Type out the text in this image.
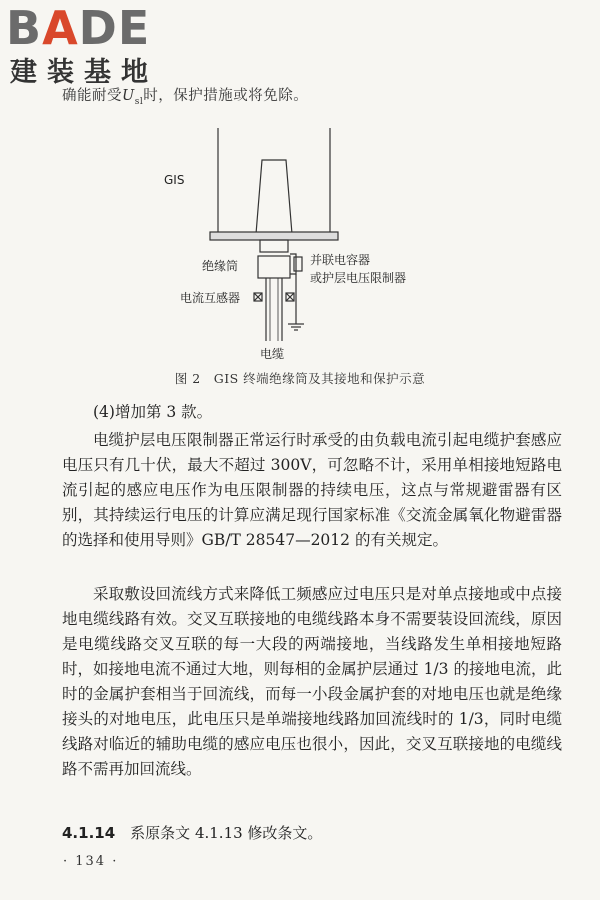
BADE
建装基地
确能耐受$U_{sl}$时，保护措施或将免除。
GIS
绝缘筒	并联电容器
或护层电压限制器
电流互感器
电缆
图 2　GIS 终端绝缘筒及其接地和保护示意

(4)增加第 3 款。

电缆护层电压限制器正常运行时承受的由负载电流引起电缆护套感应电压只有几十伏，最大不超过 300V，可忽略不计，采用单相接地短路电流引起的感应电压作为电压限制器的持续电压，这点与常规避雷器有区别，其持续运行电压的计算应满足现行国家标准《交流金属氧化物避雷器的选择和使用导则》GB/T 28547—2012 的有关规定。

采取敷设回流线方式来降低工频感应过电压只是对单点接地或中点接地电缆线路有效。交叉互联接地的电缆线路本身不需要装设回流线，原因是电缆线路交叉互联的每一大段的两端接地，当线路发生单相接地短路时，如接地电流不通过大地，则每相的金属护层通过 1/3 的接地电流，此时的金属护套相当于回流线，而每一小段金属护套的对地电压也就是绝缘接头的对地电压，此电压只是单端接地线路加回流线时的 1/3，同时电缆线路对临近的辅助电缆的感应电压也很小，因此，交叉互联接地的电缆线路不需再加回流线。

4.1.14　 系原条文 4.1.13 修改条文。
· 134 ·
